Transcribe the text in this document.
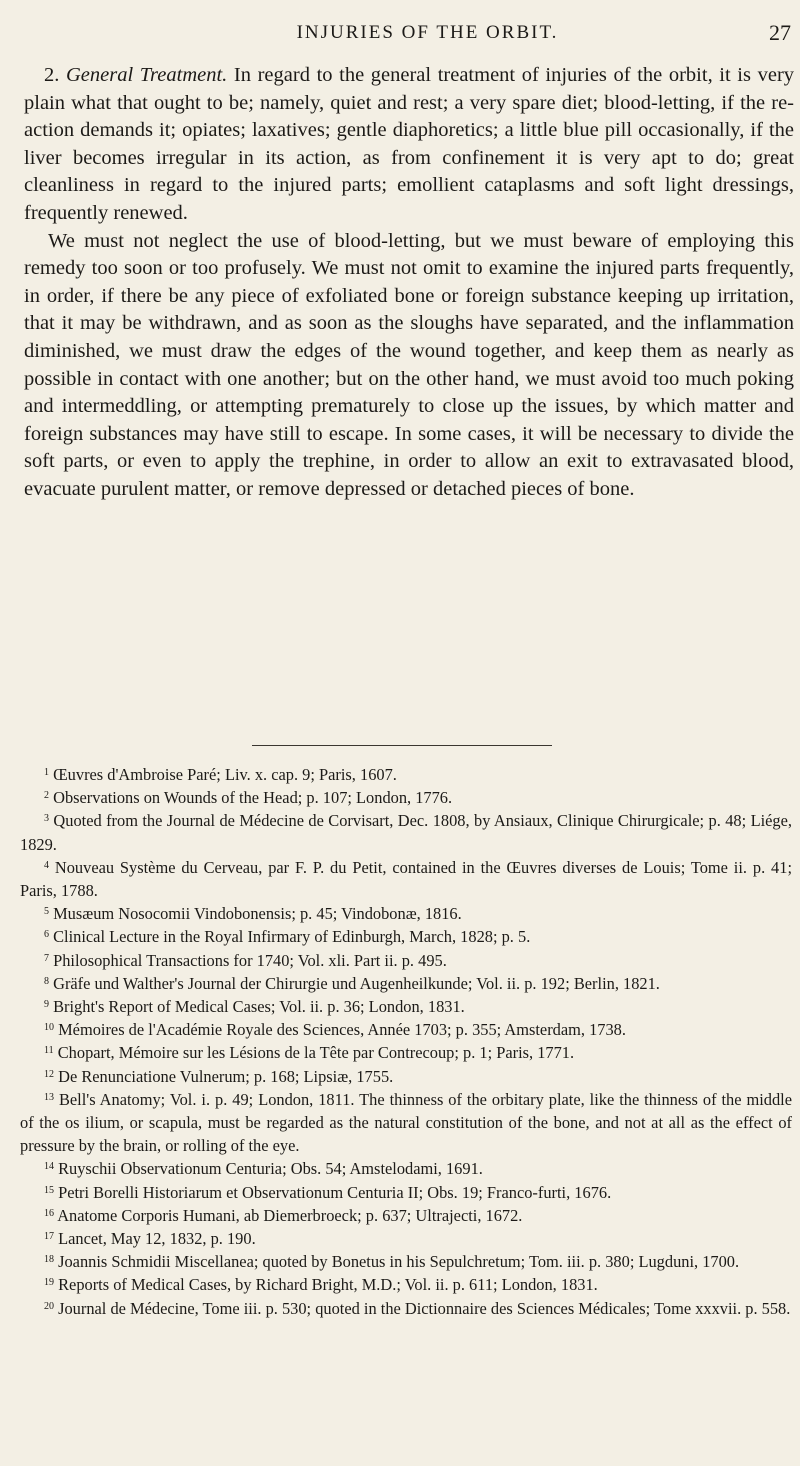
INJURIES OF THE ORBIT.	27

2. General Treatment. In regard to the general treatment of injuries of the orbit, it is very plain what that ought to be; namely, quiet and rest; a very spare diet; blood-letting, if the re-action demands it; opiates; laxatives; gentle diaphoretics; a little blue pill occasionally, if the liver becomes irregular in its action, as from confinement it is very apt to do; great cleanliness in regard to the injured parts; emollient cataplasms and soft light dressings, frequently renewed.

We must not neglect the use of blood-letting, but we must beware of employing this remedy too soon or too profusely. We must not omit to examine the injured parts frequently, in order, if there be any piece of exfoliated bone or foreign substance keeping up irritation, that it may be withdrawn, and as soon as the sloughs have separated, and the inflammation diminished, we must draw the edges of the wound together, and keep them as nearly as possible in contact with one another; but on the other hand, we must avoid too much poking and intermeddling, or attempting prematurely to close up the issues, by which matter and foreign substances may have still to escape. In some cases, it will be necessary to divide the soft parts, or even to apply the trephine, in order to allow an exit to extravasated blood, evacuate purulent matter, or remove depressed or detached pieces of bone.

$^1$ Œuvres d'Ambroise Paré; Liv. x. cap. 9; Paris, 1607.

$^2$ Observations on Wounds of the Head; p. 107; London, 1776.

$^3$ Quoted from the Journal de Médecine de Corvisart, Dec. 1808, by Ansiaux, Clinique Chirurgicale; p. 48; Liége, 1829.

$^4$ Nouveau Système du Cerveau, par F. P. du Petit, contained in the Œuvres diverses de Louis; Tome ii. p. 41; Paris, 1788.

$^5$ Musæum Nosocomii Vindobonensis; p. 45; Vindobonæ, 1816.

$^6$ Clinical Lecture in the Royal Infirmary of Edinburgh, March, 1828; p. 5.

$^7$ Philosophical Transactions for 1740; Vol. xli. Part ii. p. 495.

$^8$ Gräfe und Walther's Journal der Chirurgie und Augenheilkunde; Vol. ii. p. 192; Berlin, 1821.

$^9$ Bright's Report of Medical Cases; Vol. ii. p. 36; London, 1831.

$^{10}$ Mémoires de l'Académie Royale des Sciences, Année 1703; p. 355; Amsterdam, 1738.

$^{11}$ Chopart, Mémoire sur les Lésions de la Tête par Contrecoup; p. 1; Paris, 1771.

$^{12}$ De Renunciatione Vulnerum; p. 168; Lipsiæ, 1755.

$^{13}$ Bell's Anatomy; Vol. i. p. 49; London, 1811. The thinness of the orbitary plate, like the thinness of the middle of the os ilium, or scapula, must be regarded as the natural constitution of the bone, and not at all as the effect of pressure by the brain, or rolling of the eye.

$^{14}$ Ruyschii Observationum Centuria; Obs. 54; Amstelodami, 1691.

$^{15}$ Petri Borelli Historiarum et Observationum Centuria II; Obs. 19; Franco-furti, 1676.

$^{16}$ Anatome Corporis Humani, ab Diemerbroeck; p. 637; Ultrajecti, 1672.

$^{17}$ Lancet, May 12, 1832, p. 190.

$^{18}$ Joannis Schmidii Miscellanea; quoted by Bonetus in his Sepulchretum; Tom. iii. p. 380; Lugduni, 1700.

$^{19}$ Reports of Medical Cases, by Richard Bright, M.D.; Vol. ii. p. 611; London, 1831.

$^{20}$ Journal de Médecine, Tome iii. p. 530; quoted in the Dictionnaire des Sciences Médicales; Tome xxxvii. p. 558.
